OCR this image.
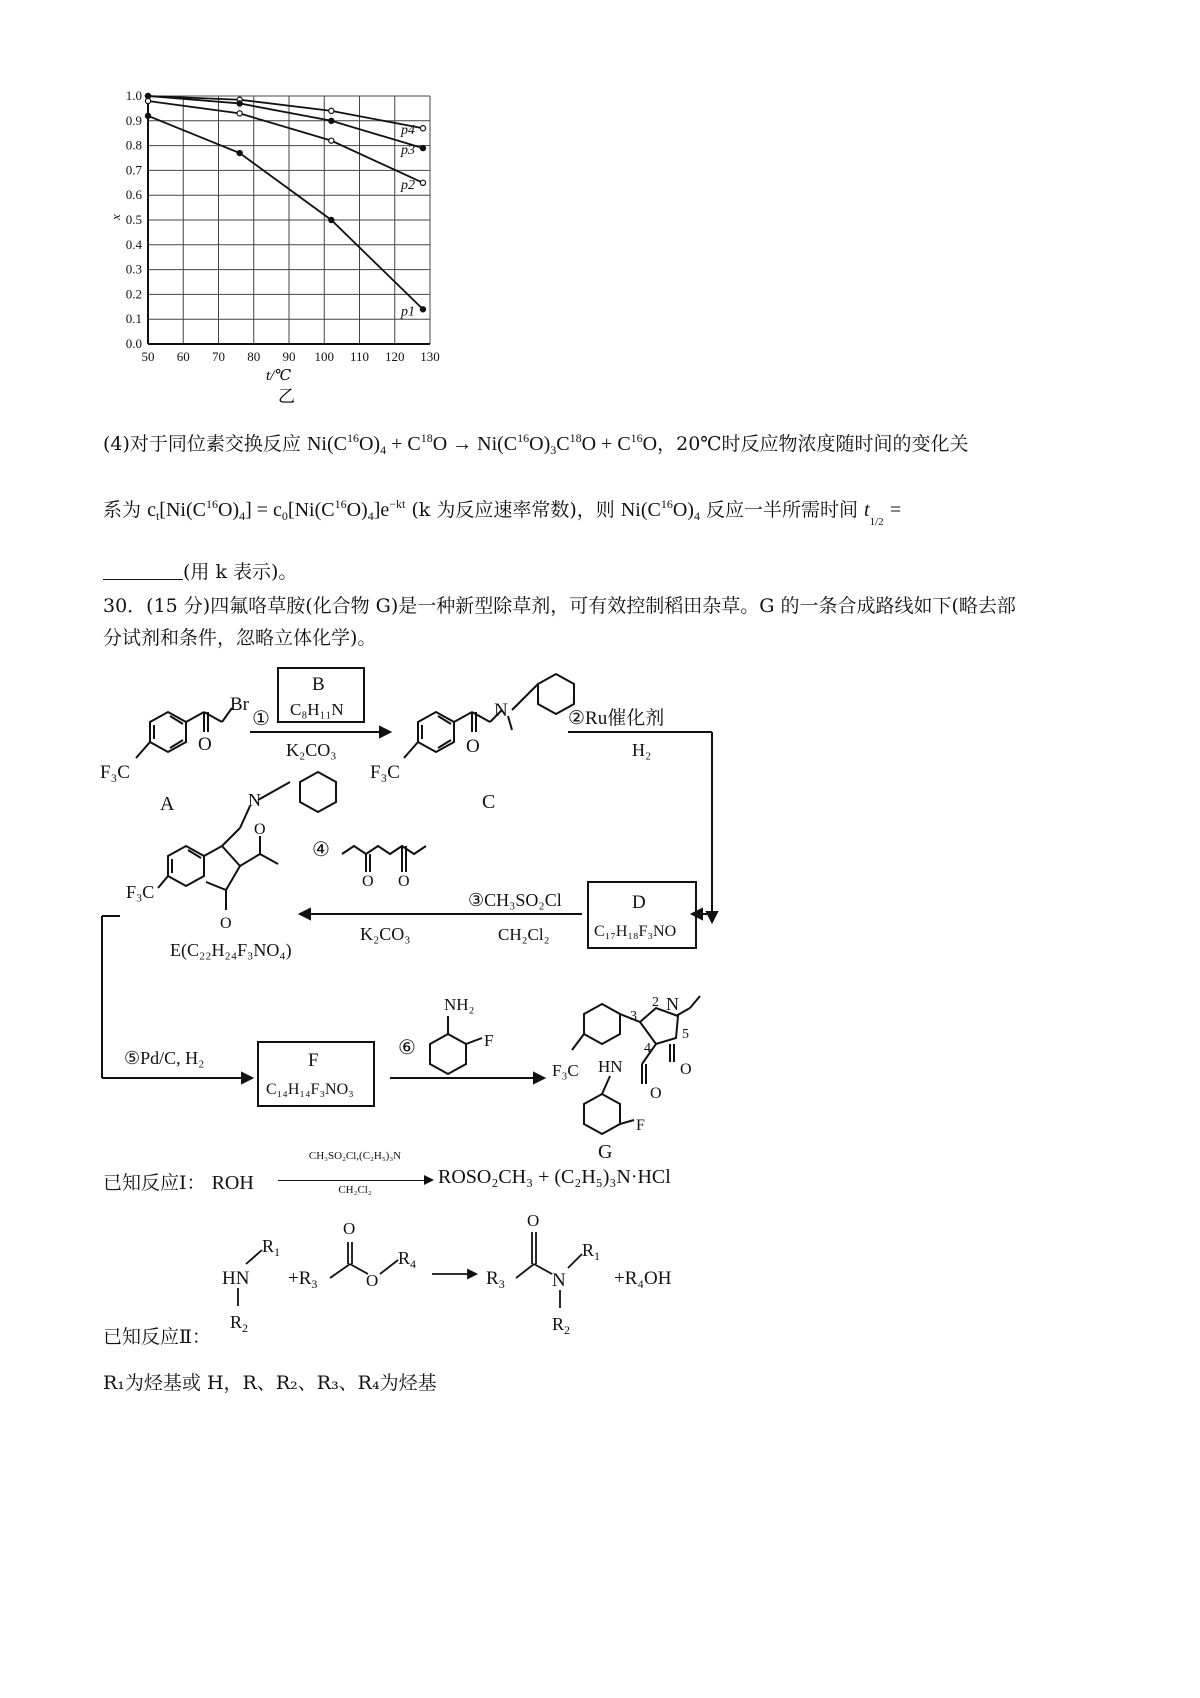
50 60 70 80 90 100 110 120 130
0.0
0.1
0.2
0.3
0.4
0.5
0.6
0.7
0.8
0.9
1.0
p4
p3
p2
p1
x
t/℃
乙
(4)对于同位素交换反应 $Ni(C^{16}O)_4 + C^{18}O \to Ni(C^{16}O)_3C^{18}O + C^{16}O$，20℃时反应物浓度随时间的变化关
系为 $c_t[Ni(C^{16}O)_4] = c_0[Ni(C^{16}O)_4]e^{-kt}$ (k 为反应速率常数)，则 $Ni(C^{16}O)_4$ 反应一半所需时间 $t_{1/2}$ =
(用 k 表示)。
30．(15 分)四氟咯草胺(化合物 G)是一种新型除草剂，可有效控制稻田杂草。G 的一条合成路线如下(略去部
分试剂和条件，忽略立体化学)。
Br
O
F₃C
A
B
C₈H₁₁N
①
K₂CO₃
N
O
F₃C
C
②Ru催化剂
H₂
D
C₁₇H₁₈F₃NO
③CH₃SO₂Cl
K₂CO₃	CH₂Cl₂
④
O O
N
F₃C
O
O
E(C₂₂H₂₄F₃NO₄)
⑤Pd/C, H₂	F
C₁₄H₁₄F₃NO₃
⑥
NH₂
F
N
O
O
HN
F₃C
F
2
3
4
5
G
已知反应Ⅰ： ROH
CH₃SO₂Cl,(C₂H₅)₃N
CH₂Cl₂
ROSO₂CH₃ + (C₂H₅)₃N·HCl
HN
$R_1$
$R_2$
$+R_3$
O
O
$R_4$
$R_3$
O
N
$R_1$
$R_2$
+R₄OH
已知反应Ⅱ：
R₁为烃基或 H，R、R₂、R₃、R₄为烃基
